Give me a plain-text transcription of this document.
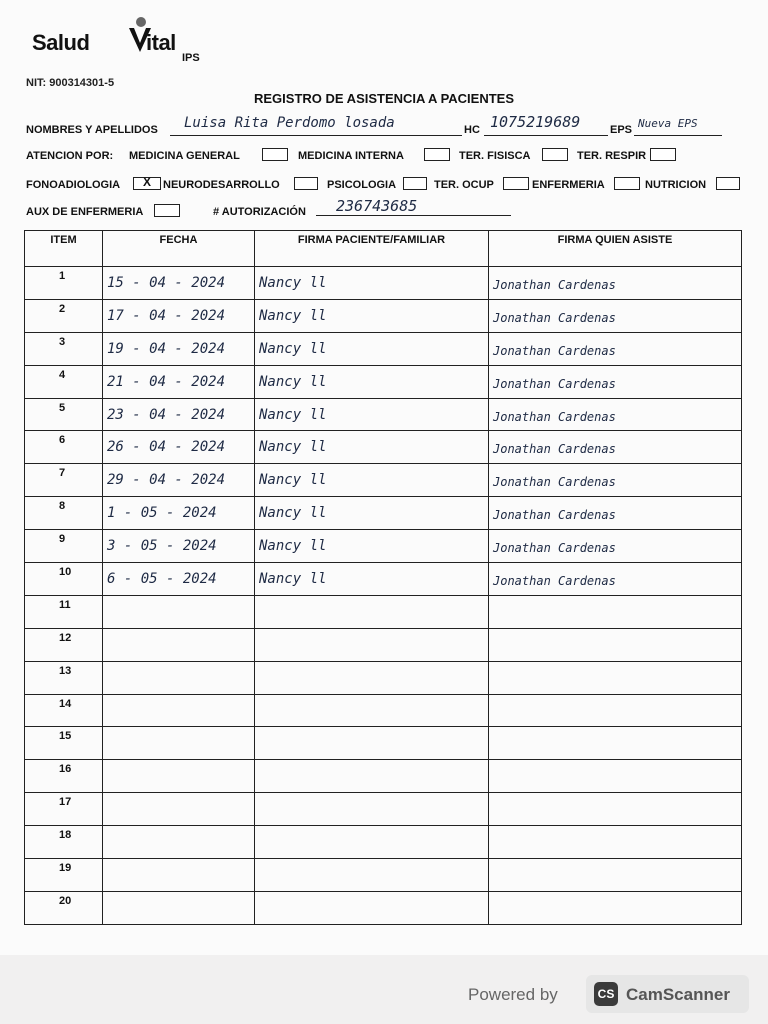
Salud	ital
IPS
NIT: 900314301-5
REGISTRO DE ASISTENCIA A PACIENTES
NOMBRES Y APELLIDOS Luisa Rita Perdomo losada	HC 1075219689	EPS Nueva EPS
ATENCION POR: MEDICINA GENERAL	MEDICINA INTERNA	TER. FISISCA	TER. RESPIR
FONOADIOLOGIA	X	NEURODESARROLLO	PSICOLOGIA	TER. OCUP	ENFERMERIA	NUTRICION
AUX DE ENFERMERIA	# AUTORIZACIÓN 236743685
ITEM	FECHA	FIRMA PACIENTE/FAMILIAR	FIRMA QUIEN ASISTE
1	15 - 04 - 2024	Nancy ll	Jonathan Cardenas

2	17 - 04 - 2024	Nancy ll	Jonathan Cardenas

3	19 - 04 - 2024	Nancy ll	Jonathan Cardenas

4	21 - 04 - 2024	Nancy ll	Jonathan Cardenas

5	23 - 04 - 2024	Nancy ll	Jonathan Cardenas

6	26 - 04 - 2024	Nancy ll	Jonathan Cardenas

7	29 - 04 - 2024	Nancy ll	Jonathan Cardenas

8	1 - 05 - 2024	Nancy ll	Jonathan Cardenas

9	3 - 05 - 2024	Nancy ll	Jonathan Cardenas

10	6 - 05 - 2024	Nancy ll	Jonathan Cardenas

11	

12	

13	

14	

15	

16	

17	

18	

19	

20	

Powered by	CS CamScanner
